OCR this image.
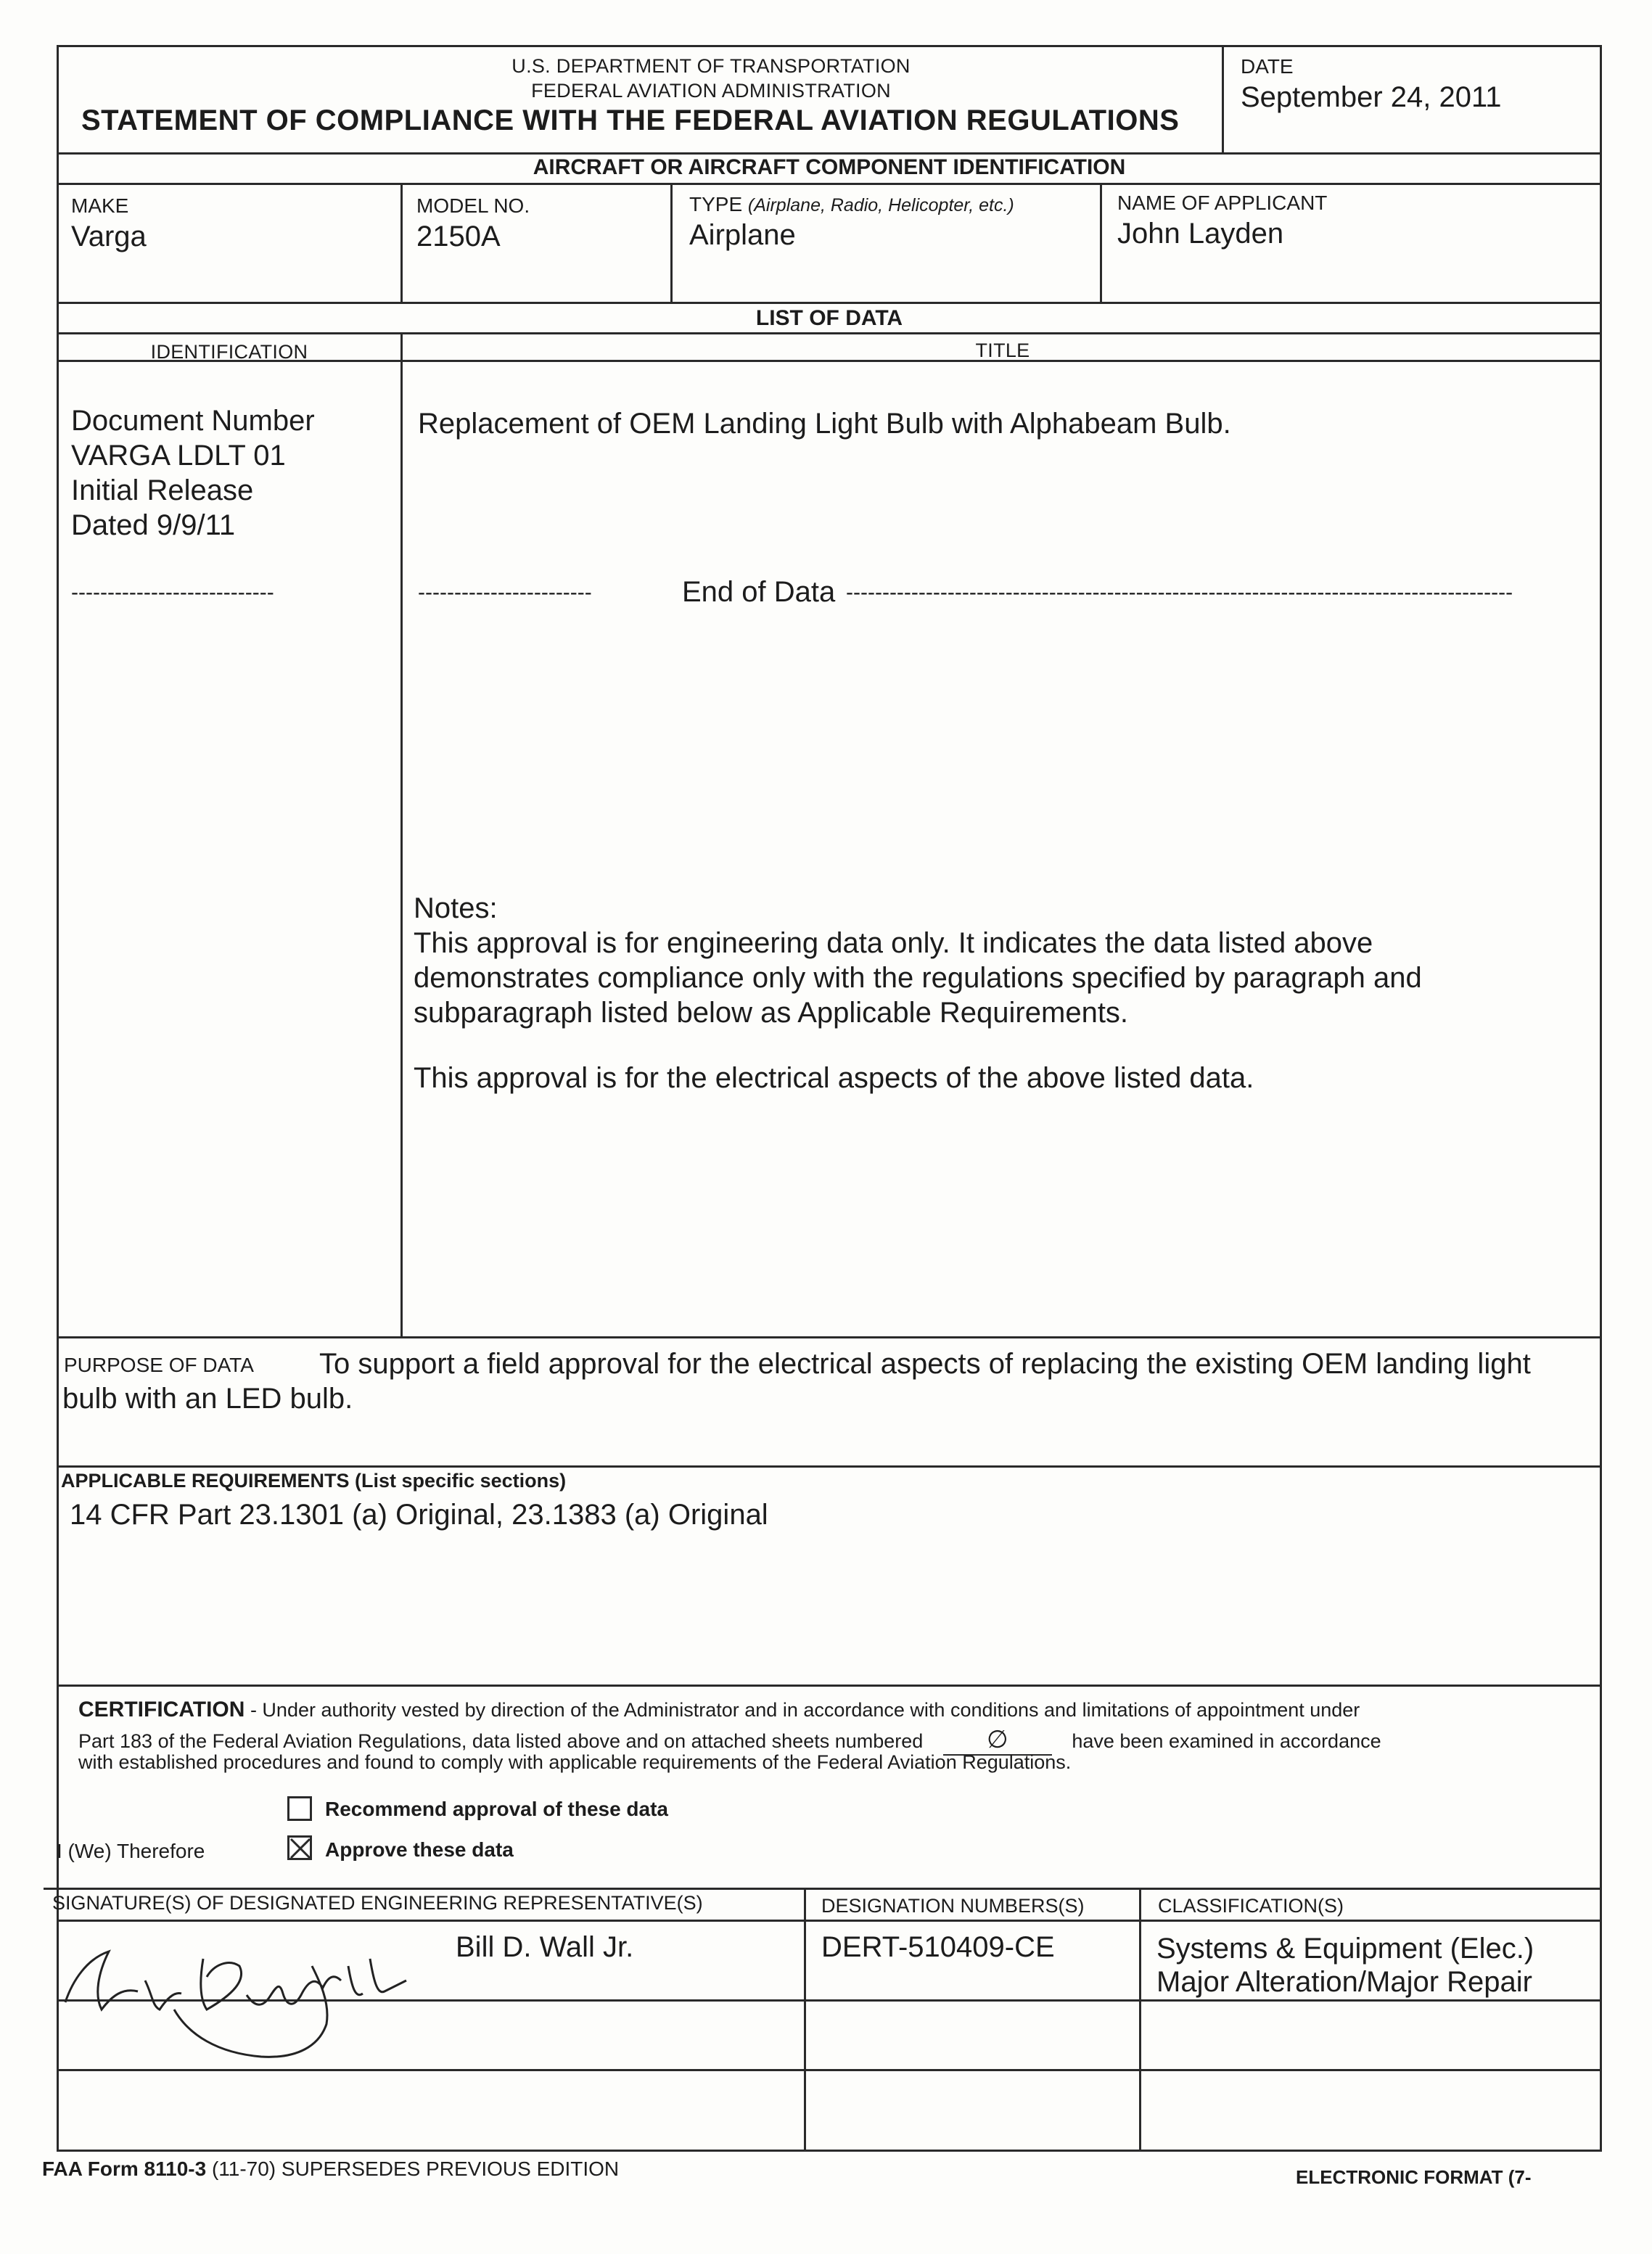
U.S. DEPARTMENT OF TRANSPORTATION
FEDERAL AVIATION ADMINISTRATION
STATEMENT OF COMPLIANCE WITH THE FEDERAL AVIATION REGULATIONS
DATE
September 24, 2011
AIRCRAFT OR AIRCRAFT COMPONENT IDENTIFICATION
MAKE
Varga
MODEL NO.
2150A
TYPE (Airplane, Radio, Helicopter, etc.)
Airplane
NAME OF APPLICANT
John Layden
LIST OF DATA
IDENTIFICATION	TITLE
Document Number
VARGA LDLT 01
Initial Release
Dated 9/9/11
----------------------------
Replacement of OEM Landing Light Bulb with Alphabeam Bulb.
------------------------	End of Data --------------------------------------------------------------------------------------------
Notes:
This approval is for engineering data only. It indicates the data listed above
demonstrates compliance only with the regulations specified by paragraph and
subparagraph listed below as Applicable Requirements.
This approval is for the electrical aspects of the above listed data.
PURPOSE OF DATA To support a field approval for the electrical aspects of replacing the existing OEM landing light
bulb with an LED bulb.
APPLICABLE REQUIREMENTS (List specific sections)
14 CFR Part 23.1301 (a) Original, 23.1383 (a) Original
CERTIFICATION - Under authority vested by direction of the Administrator and in accordance with conditions and limitations of appointment under
Part 183 of the Federal Aviation Regulations, data listed above and on attached sheets numbered	∅	have been examined in accordance
with established procedures and found to comply with applicable requirements of the Federal Aviation Regulations.
Recommend approval of these data
I (We) Therefore	Approve these data
SIGNATURE(S) OF DESIGNATED ENGINEERING REPRESENTATIVE(S)	DESIGNATION NUMBERS(S)	CLASSIFICATION(S)
Bill D. Wall Jr.	DERT-510409-CE	Systems & Equipment (Elec.)
Major Alteration/Major Repair
FAA Form 8110-3 (11-70) SUPERSEDES PREVIOUS EDITION	ELECTRONIC FORMAT (7-
